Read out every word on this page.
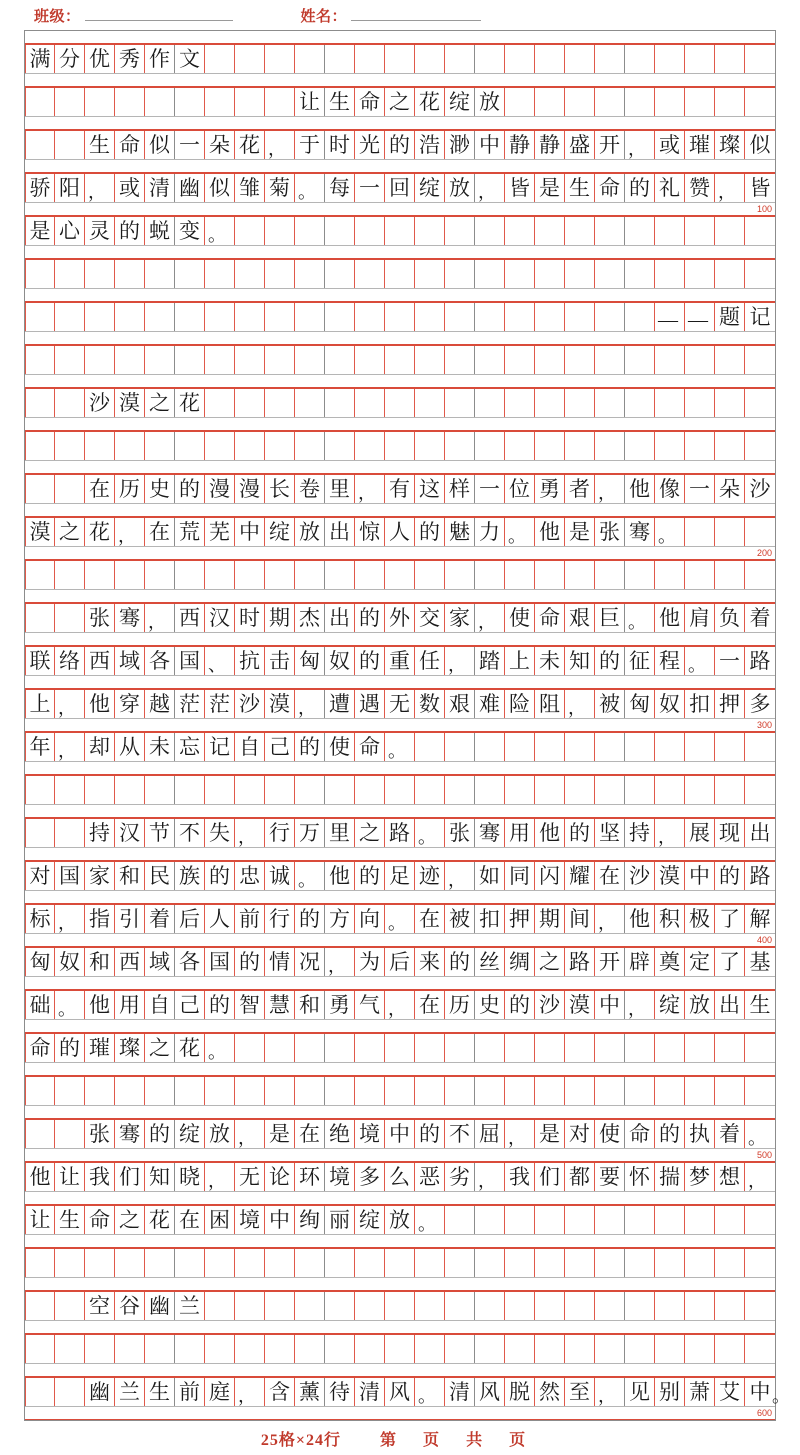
班级：	姓名：
满 分 优 秀 作 文
让 生 命 之 花 绽 放
生 命 似 一 朵 花 ， 于 时 光 的 浩 渺 中 静 静 盛 开 ， 或 璀 璨 似
骄 阳 ， 或 清 幽 似 雏 菊 。 每 一 回 绽 放 ， 皆 是 生 命 的 礼 赞 ， 皆
100
是 心 灵 的 蜕 变 。
— — 题 记
沙 漠 之 花
在 历 史 的 漫 漫 长 卷 里 ， 有 这 样 一 位 勇 者 ， 他 像 一 朵 沙
漠 之 花 ， 在 荒 芜 中 绽 放 出 惊 人 的 魅 力 。 他 是 张 骞 。
200
张 骞 ， 西 汉 时 期 杰 出 的 外 交 家 ， 使 命 艰 巨 。 他 肩 负 着
联 络 西 域 各 国 、 抗 击 匈 奴 的 重 任 ， 踏 上 未 知 的 征 程 。 一 路
上 ， 他 穿 越 茫 茫 沙 漠 ， 遭 遇 无 数 艰 难 险 阻 ， 被 匈 奴 扣 押 多
300
年 ， 却 从 未 忘 记 自 己 的 使 命 。
持 汉 节 不 失 ， 行 万 里 之 路 。 张 骞 用 他 的 坚 持 ， 展 现 出
对 国 家 和 民 族 的 忠 诚 。 他 的 足 迹 ， 如 同 闪 耀 在 沙 漠 中 的 路
标 ， 指 引 着 后 人 前 行 的 方 向 。 在 被 扣 押 期 间 ， 他 积 极 了 解
400
匈 奴 和 西 域 各 国 的 情 况 ， 为 后 来 的 丝 绸 之 路 开 辟 奠 定 了 基
础 。 他 用 自 己 的 智 慧 和 勇 气 ， 在 历 史 的 沙 漠 中 ， 绽 放 出 生
命 的 璀 璨 之 花 。
张 骞 的 绽 放 ， 是 在 绝 境 中 的 不 屈 ， 是 对 使 命 的 执 着 。
500
他 让 我 们 知 晓 ， 无 论 环 境 多 么 恶 劣 ， 我 们 都 要 怀 揣 梦 想 ，
让 生 命 之 花 在 困 境 中 绚 丽 绽 放 。
空 谷 幽 兰
幽 兰 生 前 庭 ， 含 薰 待 清 风 。 清 风 脱 然 至 ， 见 别 萧 艾 中 。
600
25格×24行 第 页 共 页
